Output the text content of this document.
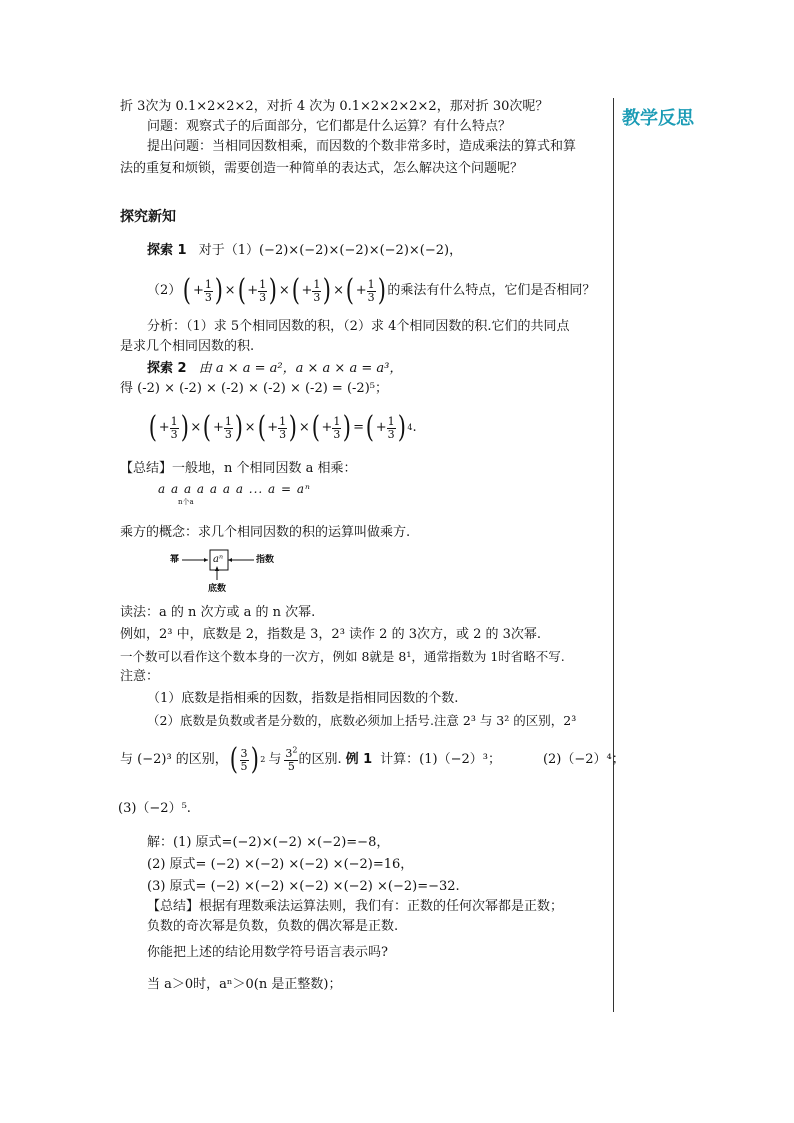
教学反思
折 3次为 0.1×2×2×2，对折 4 次为 0.1×2×2×2×2，那对折 30次呢？
问题：观察式子的后面部分，它们都是什么运算？有什么特点？
提出问题：当相同因数相乘，而因数的个数非常多时，造成乘法的算式和算
法的重复和烦锁，需要创造一种简单的表达式，怎么解决这个问题呢？
探究新知
探索 1 对于（1）(−2)×(−2)×(−2)×(−2)×(−2)，
（2） ( + $\frac{1}{3}$ ) × ( + $\frac{1}{3}$ ) × ( + $\frac{1}{3}$ ) × ( + $\frac{1}{3}$ ) 的乘法有什么特点，它们是否相同？
分析：（1）求 5个相同因数的积，（2）求 4个相同因数的积.它们的共同点
是求几个相同因数的积.
探索 2 由 a × a = a²，a × a × a = a³，
得 (-2) × (-2) × (-2) × (-2) × (-2) = (-2)⁵；
( + $\frac{1}{3}$ ) × ( + $\frac{1}{3}$ ) × ( + $\frac{1}{3}$ ) × ( + $\frac{1}{3}$ ) = ( + $\frac{1}{3}$ ) 4 .
【总结】一般地，n 个相同因数 a 相乘：
a a a a a a a ... a = aⁿ
n个a
乘方的概念：求几个相同因数的积的运算叫做乘方.
幂	aⁿ	指数
底数
读法：a 的 n 次方或 a 的 n 次幂.
例如，2³ 中，底数是 2，指数是 3，2³ 读作 2 的 3次方，或 2 的 3次幂.
一个数可以看作这个数本身的一次方，例如 8就是 8¹，通常指数为 1时省略不写.
注意：
（1）底数是指相乘的因数，指数是指相同因数的个数.
（2）底数是负数或者是分数的，底数必须加上括号.注意 2³ 与 3² 的区别，2³
与 (−2)³ 的区别， ( $\frac{3}{5}$ ) 2 与 $\frac{3^2}{5}$ 的区别. 例 1 计算：(1)（−2）³；	(2)（−2）⁴；
(3)（−2）⁵.
解：(1) 原式=(−2)×(−2) ×(−2)=−8，
(2) 原式= (−2) ×(−2) ×(−2) ×(−2)=16，
(3) 原式= (−2) ×(−2) ×(−2) ×(−2) ×(−2)=−32.
【总结】根据有理数乘法运算法则，我们有：正数的任何次幂都是正数；
负数的奇次幂是负数，负数的偶次幂是正数.
你能把上述的结论用数学符号语言表示吗?
当 a＞0时，aⁿ＞0(n 是正整数)；
